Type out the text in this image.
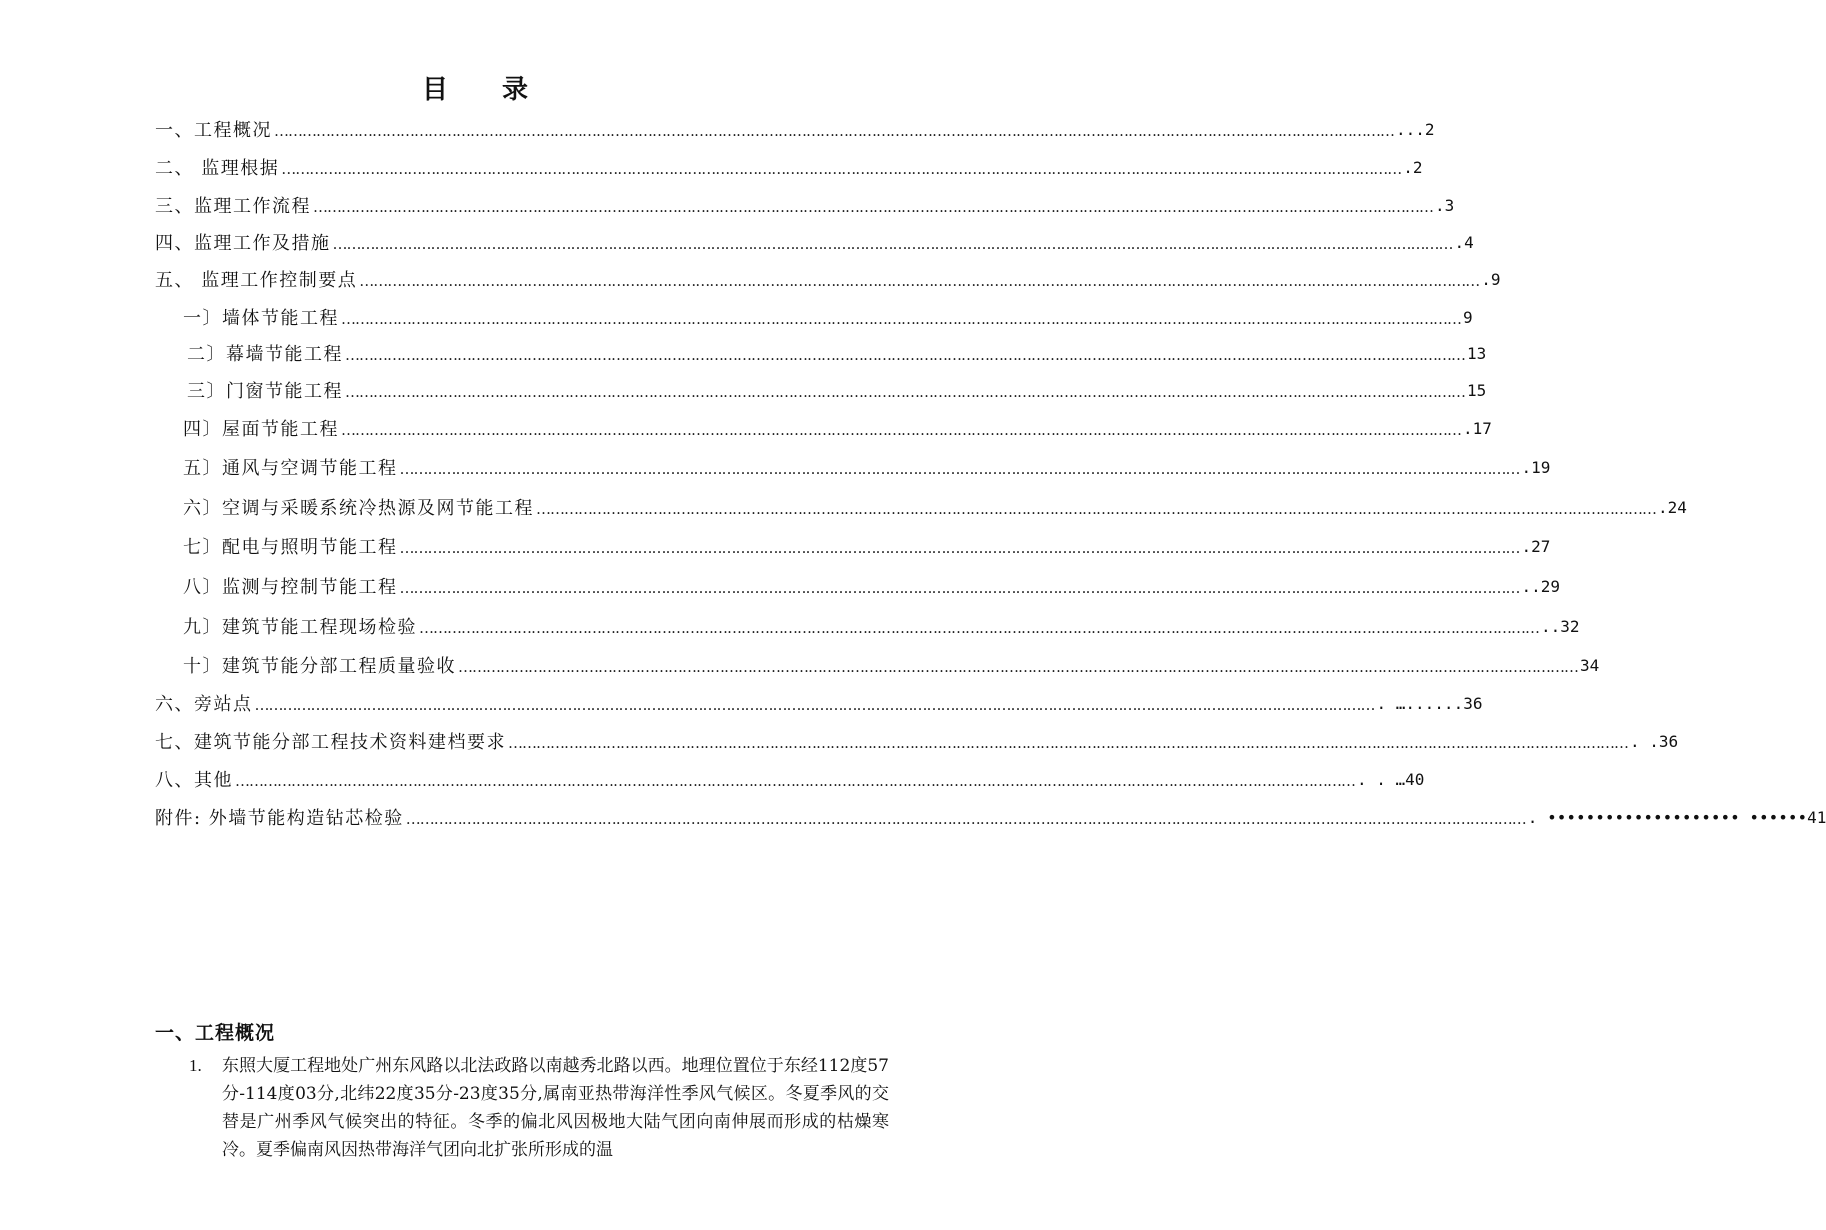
目录
一、工程概况 …………………………………………………………………………………………………………………………………………………………………………………………………………………… ... 2
二、 监理根据 …………………………………………………………………………………………………………………………………………………………………………………………………………………… . 2
三、监理工作流程 …………………………………………………………………………………………………………………………………………………………………………………………………………………… . 3
四、监理工作及措施 …………………………………………………………………………………………………………………………………………………………………………………………………………………… . 4
五、 监理工作控制要点 …………………………………………………………………………………………………………………………………………………………………………………………………………………… . 9
一〕墙体节能工程 …………………………………………………………………………………………………………………………………………………………………………………………………………………… 9
二〕幕墙节能工程 …………………………………………………………………………………………………………………………………………………………………………………………………………………… 13
三〕门窗节能工程 …………………………………………………………………………………………………………………………………………………………………………………………………………………… 15
四〕屋面节能工程 …………………………………………………………………………………………………………………………………………………………………………………………………………………… . 17
五〕通风与空调节能工程 …………………………………………………………………………………………………………………………………………………………………………………………………………………… . 19
六〕空调与采暖系统冷热源及网节能工程 …………………………………………………………………………………………………………………………………………………………………………………………………………………… . 24
七〕配电与照明节能工程 …………………………………………………………………………………………………………………………………………………………………………………………………………………… . 27
八〕监测与控制节能工程 …………………………………………………………………………………………………………………………………………………………………………………………………………………… .. 29
九〕建筑节能工程现场检验 …………………………………………………………………………………………………………………………………………………………………………………………………………………… .. 32
十〕建筑节能分部工程质量验收 …………………………………………………………………………………………………………………………………………………………………………………………………………………… 34
六、旁站点 …………………………………………………………………………………………………………………………………………………………………………………………………………………… . …...... 36
七、建筑节能分部工程技术资料建档要求 …………………………………………………………………………………………………………………………………………………………………………………………………………………… . . 36
八、其他 …………………………………………………………………………………………………………………………………………………………………………………………………………………… . . … 40
附件: 外墙节能构造钻芯检验 …………………………………………………………………………………………………………………………………………………………………………………………………………………… . •••••••••••••••••••• •••••• 41
一、工程概况
1. 东照大厦工程地处广州东风路以北法政路以南越秀北路以西。地理位置位于东经112度57分-114度03分,北纬22度35分-23度35分,属南亚热带海洋性季风气候区。冬夏季风的交替是广州季风气候突出的特征。冬季的偏北风因极地大陆气团向南伸展而形成的枯燥寒冷。夏季偏南风因热带海洋气团向北扩张所形成的温
